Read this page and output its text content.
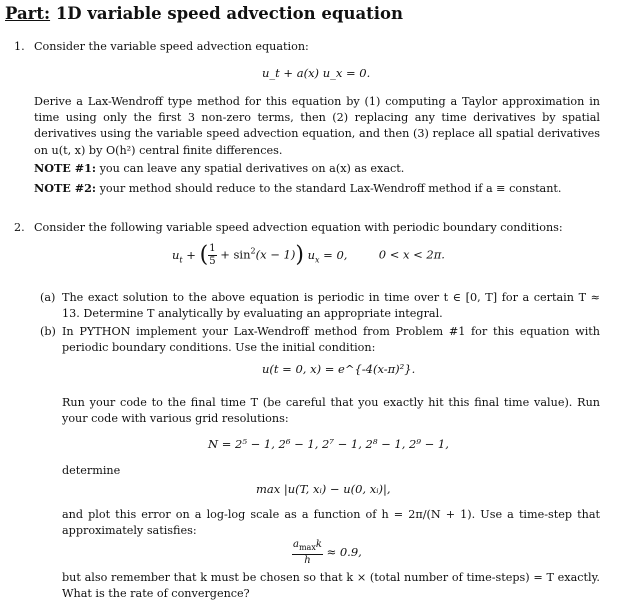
Part: 1D variable speed advection equation
1. Consider the variable speed advection equation:
u_t + a(x) u_x = 0.
Derive a Lax-Wendroff type method for this equation by (1) computing a Taylor approximation in time using only the first 3 non-zero terms, then (2) replacing any time derivatives by spatial derivatives using the variable speed advection equation, and then (3) replace all spatial derivatives on u(t, x) by O(h²) central finite differences.
NOTE #1: you can leave any spatial derivatives on a(x) as exact.
NOTE #2: your method should reduce to the standard Lax-Wendroff method if a ≡ constant.
2. Consider the following variable speed advection equation with periodic boundary conditions:
$u_t$ + ( $\frac{1}{5} + \sin^2(x - 1)$) $u_x = 0$,	0 < x < 2π.
(a) The exact solution to the above equation is periodic in time over t ∈ [0, T] for a certain T ≈ 13. Determine T analytically by evaluating an appropriate integral.
(b) In PYTHON implement your Lax-Wendroff method from Problem #1 for this equation with periodic boundary conditions. Use the initial condition:
u(t = 0, x) = e^{-4(x-π)²}.
Run your code to the final time T (be careful that you exactly hit this final time value). Run your code with various grid resolutions:
N = 2⁵ − 1, 2⁶ − 1, 2⁷ − 1, 2⁸ − 1, 2⁹ − 1,
determine
max |u(T, xᵢ) − u(0, xᵢ)|,
and plot this error on a log-log scale as a function of h = 2π/(N + 1). Use a time-step that approximately satisfies:
$\frac{a_{max}k}{h} \approx 0.9$,
but also remember that k must be chosen so that k × (total number of time-steps) = T exactly. What is the rate of convergence?
